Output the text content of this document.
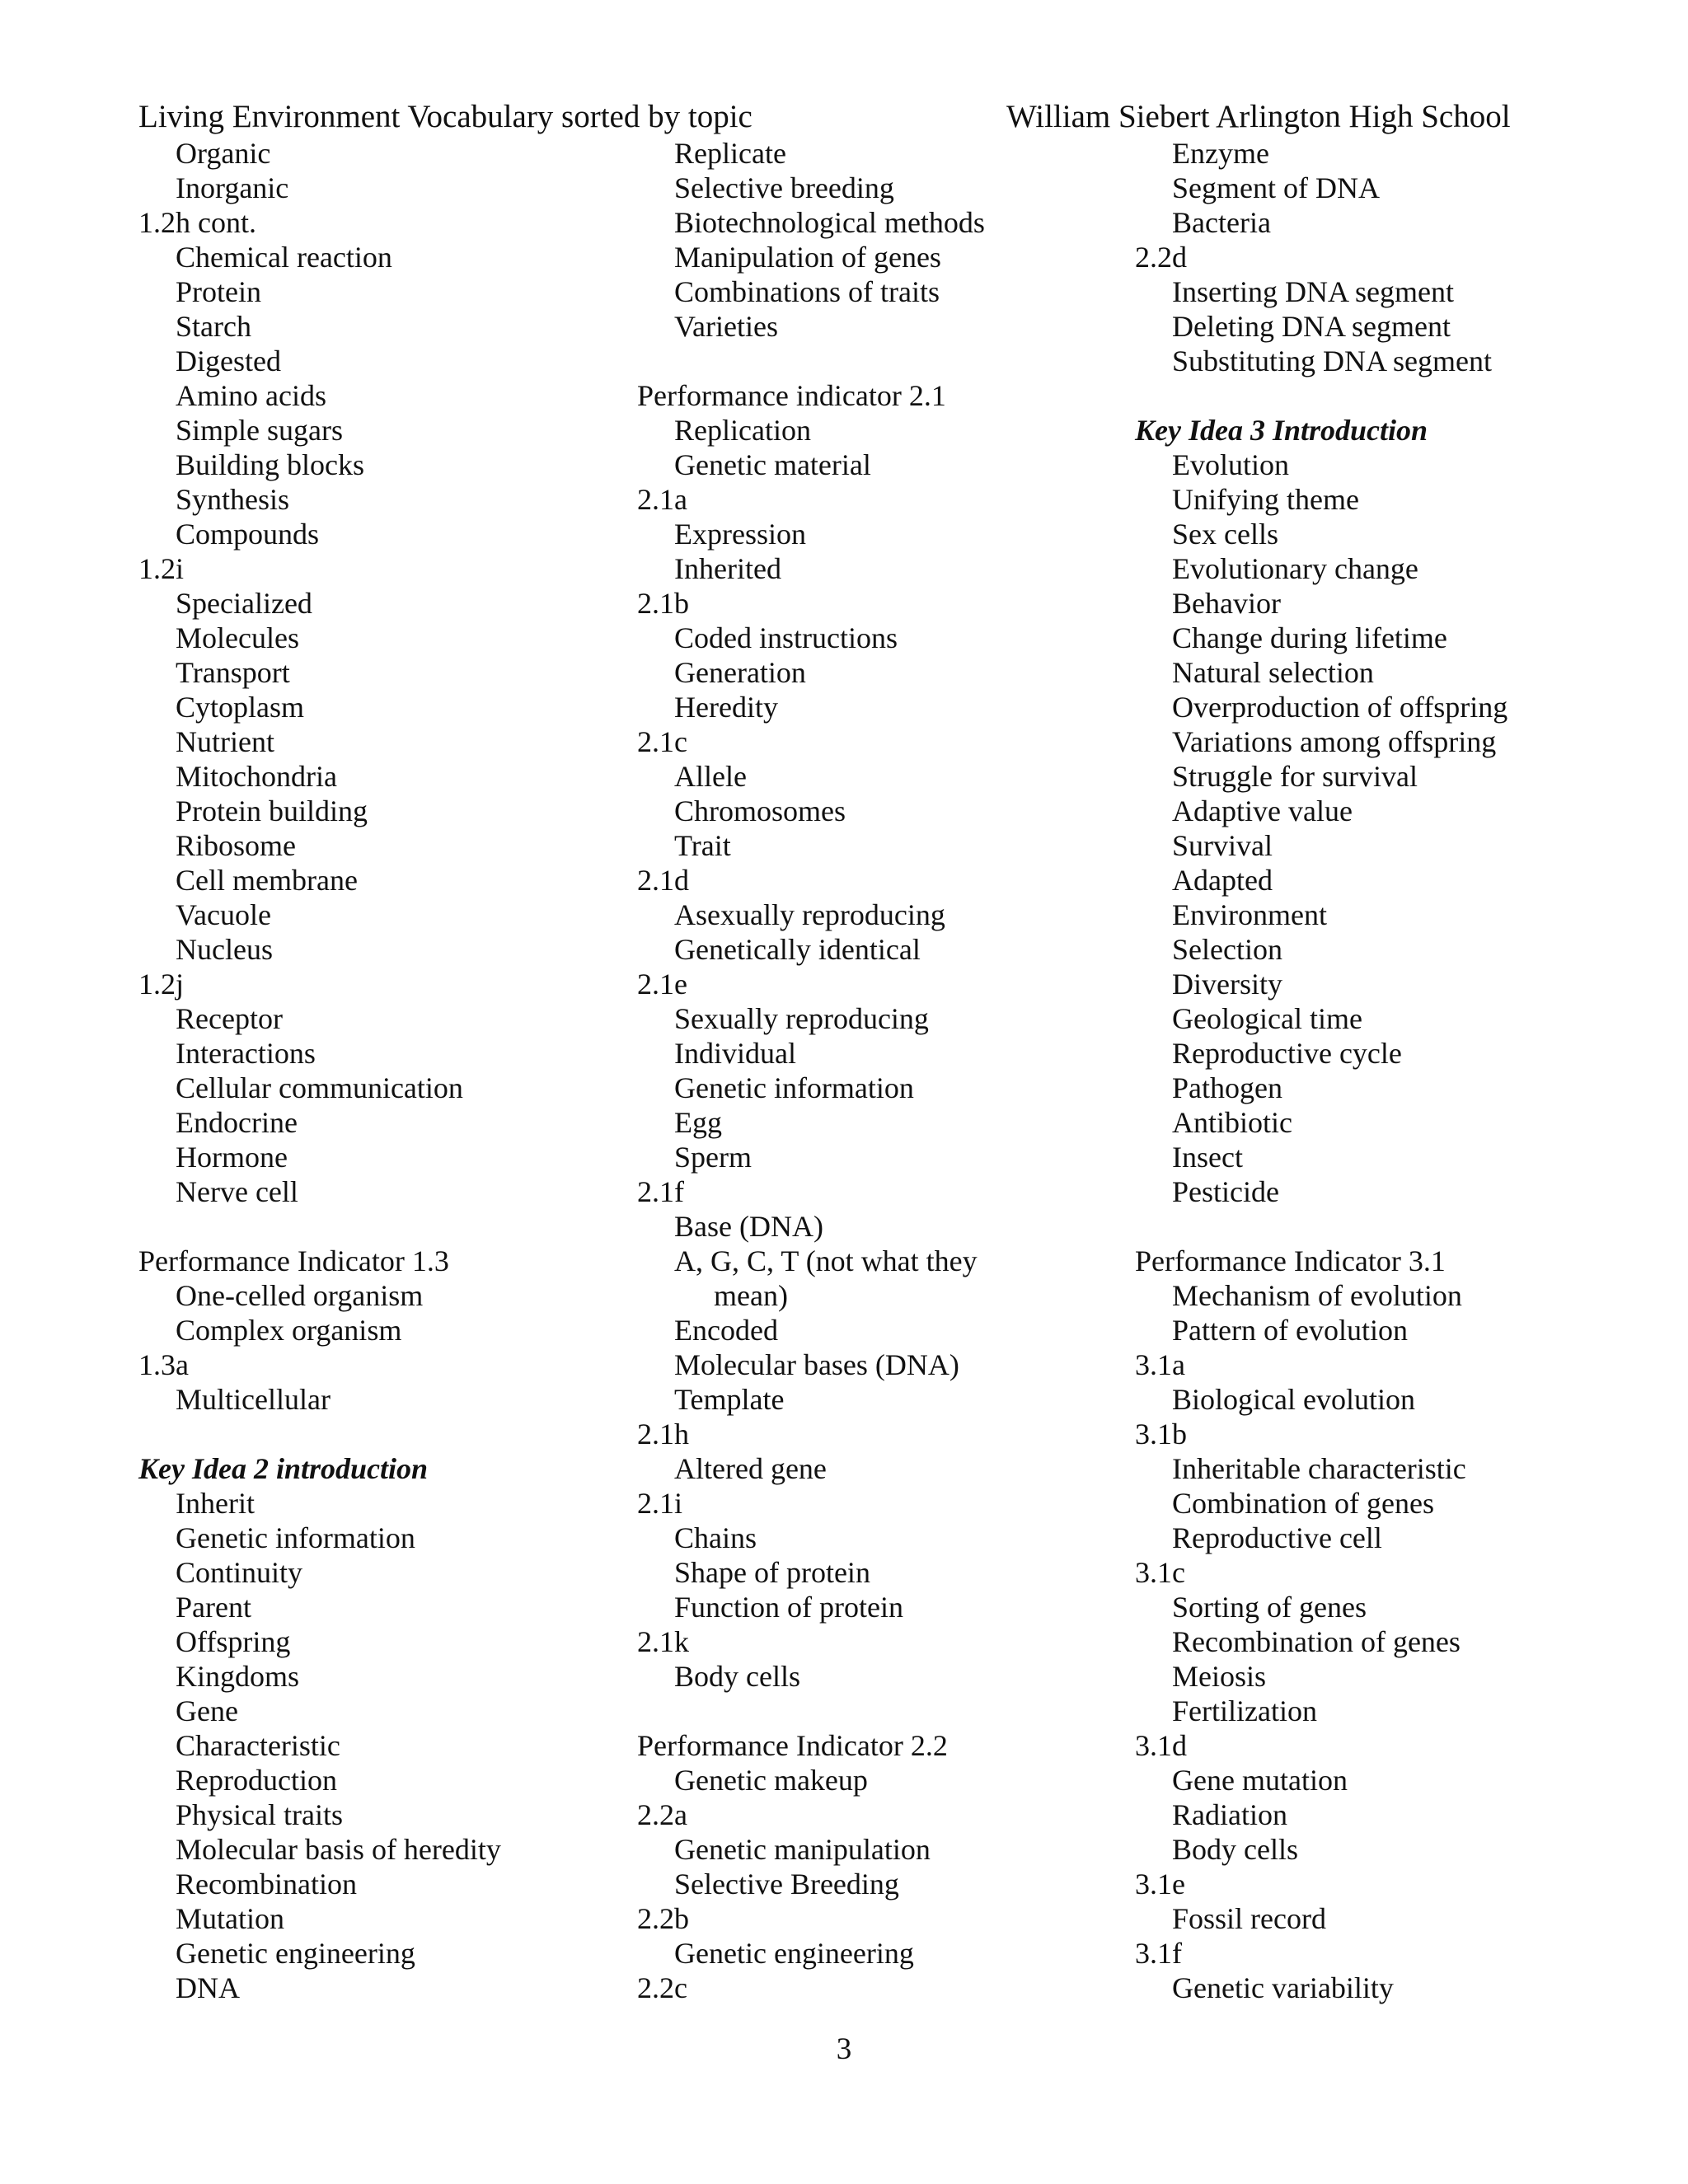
Living Environment Vocabulary sorted by topic	William Siebert Arlington High School
Organic
Inorganic
1.2h cont.
Chemical reaction
Protein
Starch
Digested
Amino acids
Simple sugars
Building blocks
Synthesis
Compounds
1.2i
Specialized
Molecules
Transport
Cytoplasm
Nutrient
Mitochondria
Protein building
Ribosome
Cell membrane
Vacuole
Nucleus
1.2j
Receptor
Interactions
Cellular communication
Endocrine
Hormone
Nerve cell
Performance Indicator 1.3
One-celled organism
Complex organism
1.3a
Multicellular
Key Idea 2 introduction
Inherit
Genetic information
Continuity
Parent
Offspring
Kingdoms
Gene
Characteristic
Reproduction
Physical traits
Molecular basis of heredity
Recombination
Mutation
Genetic engineering
DNA
Replicate
Selective breeding
Biotechnological methods
Manipulation of genes
Combinations of traits
Varieties
Performance indicator 2.1
Replication
Genetic material
2.1a
Expression
Inherited
2.1b
Coded instructions
Generation
Heredity
2.1c
Allele
Chromosomes
Trait
2.1d
Asexually reproducing
Genetically identical
2.1e
Sexually reproducing
Individual
Genetic information
Egg
Sperm
2.1f
Base (DNA)
A, G, C, T (not what they
mean)
Encoded
Molecular bases (DNA)
Template
2.1h
Altered gene
2.1i
Chains
Shape of protein
Function of protein
2.1k
Body cells
Performance Indicator 2.2
Genetic makeup
2.2a
Genetic manipulation
Selective Breeding
2.2b
Genetic engineering
2.2c
Enzyme
Segment of DNA
Bacteria
2.2d
Inserting DNA segment
Deleting DNA segment
Substituting DNA segment
Key Idea 3 Introduction
Evolution
Unifying theme
Sex cells
Evolutionary change
Behavior
Change during lifetime
Natural selection
Overproduction of offspring
Variations among offspring
Struggle for survival
Adaptive value
Survival
Adapted
Environment
Selection
Diversity
Geological time
Reproductive cycle
Pathogen
Antibiotic
Insect
Pesticide
Performance Indicator 3.1
Mechanism of evolution
Pattern of evolution
3.1a
Biological evolution
3.1b
Inheritable characteristic
Combination of genes
Reproductive cell
3.1c
Sorting of genes
Recombination of genes
Meiosis
Fertilization
3.1d
Gene mutation
Radiation
Body cells
3.1e
Fossil record
3.1f
Genetic variability
3
